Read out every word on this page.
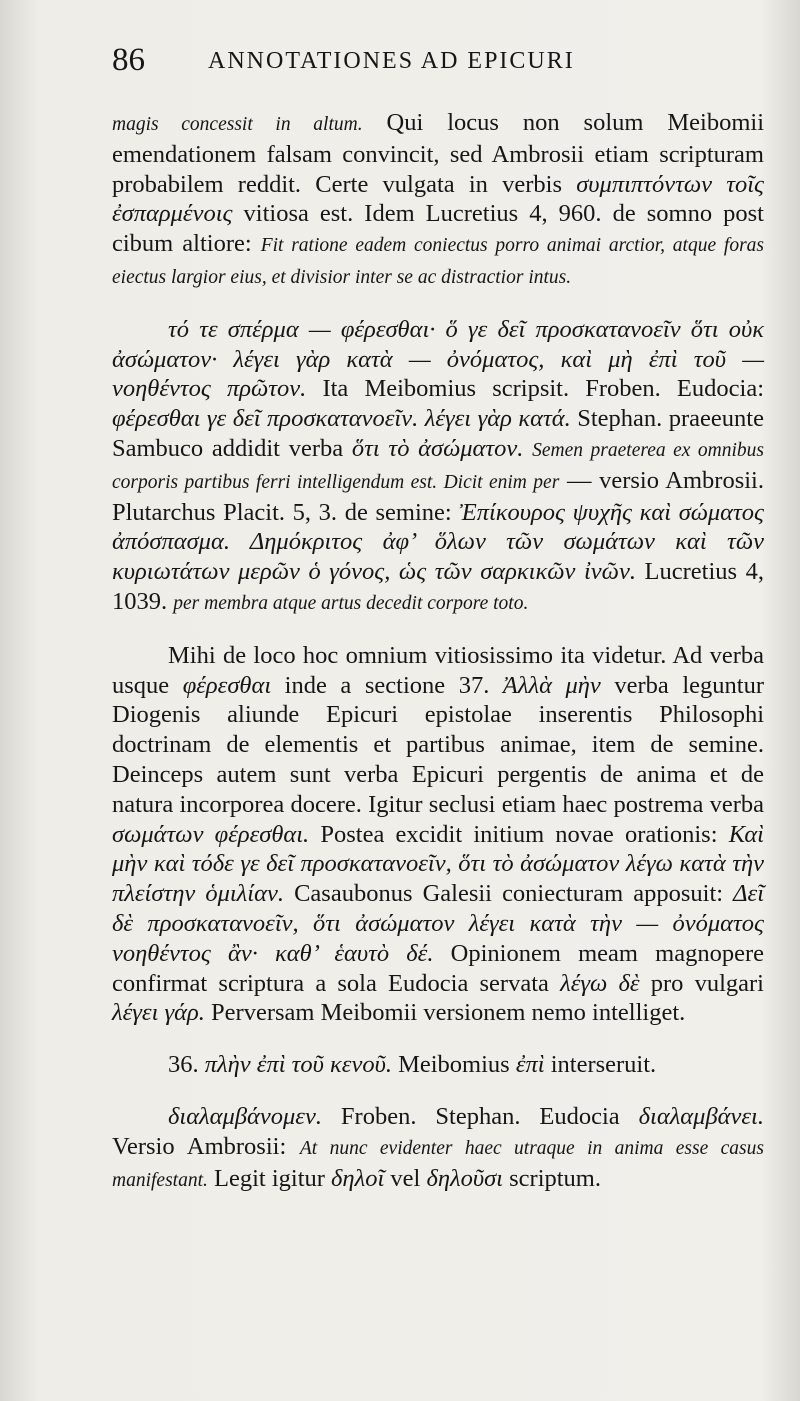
86	ANNOTATIONES AD EPICURI

magis concessit in altum. Qui locus non solum Meibomii emendationem falsam convincit, sed Ambrosii etiam scripturam probabilem reddit. Certe vulgata in verbis συμπιπτόντων τοῖς ἐσπαρμένοις vitiosa est. Idem Lucretius 4, 960. de somno post cibum altiore: Fit ratione eadem coniectus porro animai arctior, atque foras eiectus largior eius, et divisior inter se ac distractior intus.

τό τε σπέρμα — φέρεσθαι· ὅ γε δεῖ προσκατανοεῖν ὅτι οὐκ ἀσώματον· λέγει γὰρ κατὰ — ὀνόματος, καὶ μὴ ἐπὶ τοῦ — νοηθέντος πρῶτον. Ita Meibomius scripsit. Froben. Eudocia: φέρεσθαι γε δεῖ προσκατανοεῖν. λέγει γὰρ κατά. Stephan. praeeunte Sambuco addidit verba ὅτι τὸ ἀσώματον. Semen praeterea ex omnibus corporis partibus ferri intelligendum est. Dicit enim per — versio Ambrosii. Plutarchus Placit. 5, 3. de semine: Ἐπίκουρος ψυχῆς καὶ σώματος ἀπόσπασμα. Δημόκριτος ἀφ’ ὅλων τῶν σωμάτων καὶ τῶν κυριωτάτων μερῶν ὁ γόνος, ὡς τῶν σαρκικῶν ἰνῶν. Lucretius 4, 1039. per membra atque artus decedit corpore toto.

Mihi de loco hoc omnium vitiosissimo ita videtur. Ad verba usque φέρεσθαι inde a sectione 37. Ἀλλὰ μὴν verba leguntur Diogenis aliunde Epicuri epistolae inserentis Philosophi doctrinam de elementis et partibus animae, item de semine. Deinceps autem sunt verba Epicuri pergentis de anima et de natura incorporea docere. Igitur seclusi etiam haec postrema verba σωμάτων φέρεσθαι. Postea excidit initium novae orationis: Καὶ μὴν καὶ τόδε γε δεῖ προσκατανοεῖν, ὅτι τὸ ἀσώματον λέγω κατὰ τὴν πλείστην ὁμιλίαν. Casaubonus Galesii coniecturam apposuit: Δεῖ δὲ προσκατανοεῖν, ὅτι ἀσώματον λέγει κατὰ τὴν — ὀνόματος νοηθέντος ἂν· καθ’ ἑαυτὸ δέ. Opinionem meam magnopere confirmat scriptura a sola Eudocia servata λέγω δὲ pro vulgari λέγει γάρ. Perversam Meibomii versionem nemo intelliget.

36. πλὴν ἐπὶ τοῦ κενοῦ. Meibomius ἐπὶ interseruit.

διαλαμβάνομεν. Froben. Stephan. Eudocia διαλαμβάνει. Versio Ambrosii: At nunc evidenter haec utraque in anima esse casus manifestant. Legit igitur δηλοῖ vel δηλοῦσι scriptum.
